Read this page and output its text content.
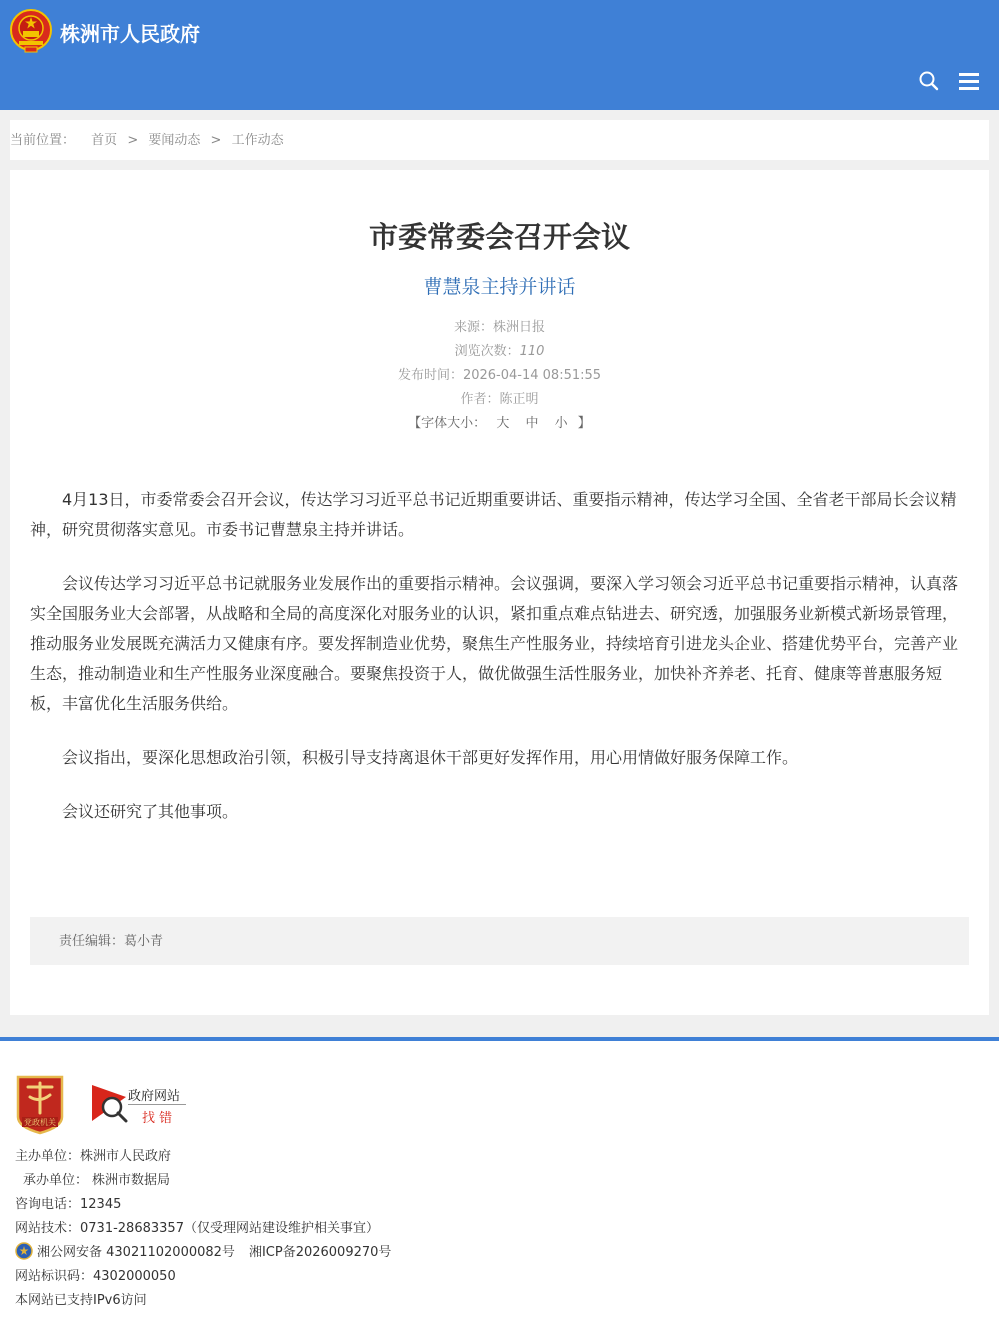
株洲市人民政府
当前位置： 首页 > 要闻动态 > 工作动态
市委常委会召开会议
曹慧泉主持并讲话
来源：株洲日报
浏览次数：110
发布时间：2026-04-14 08:51:55
作者：陈正明
【字体大小： 大 中 小 】

4月13日，市委常委会召开会议，传达学习习近平总书记近期重要讲话、重要指示精神，传达学习全国、全省老干部局长会议精神，研究贯彻落实意见。市委书记曹慧泉主持并讲话。

会议传达学习习近平总书记就服务业发展作出的重要指示精神。会议强调，要深入学习领会习近平总书记重要指示精神，认真落实全国服务业大会部署，从战略和全局的高度深化对服务业的认识，紧扣重点难点钻进去、研究透，加强服务业新模式新场景管理，推动服务业发展既充满活力又健康有序。要发挥制造业优势，聚焦生产性服务业，持续培育引进龙头企业、搭建优势平台，完善产业生态，推动制造业和生产性服务业深度融合。要聚焦投资于人，做优做强生活性服务业，加快补齐养老、托育、健康等普惠服务短板，丰富优化生活服务供给。

会议指出，要深化思想政治引领，积极引导支持离退休干部更好发挥作用，用心用情做好服务保障工作。

会议还研究了其他事项。

责任编辑：葛小青
党政机关
政府网站
找 错
主办单位：株洲市人民政府
承办单位： 株洲市数据局
咨询电话：12345
网站技术：0731-28683357（仅受理网站建设维护相关事宜）
湘公网安备 43021102000082号 湘ICP备2026009270号
网站标识码：4302000050
本网站已支持IPv6访问
